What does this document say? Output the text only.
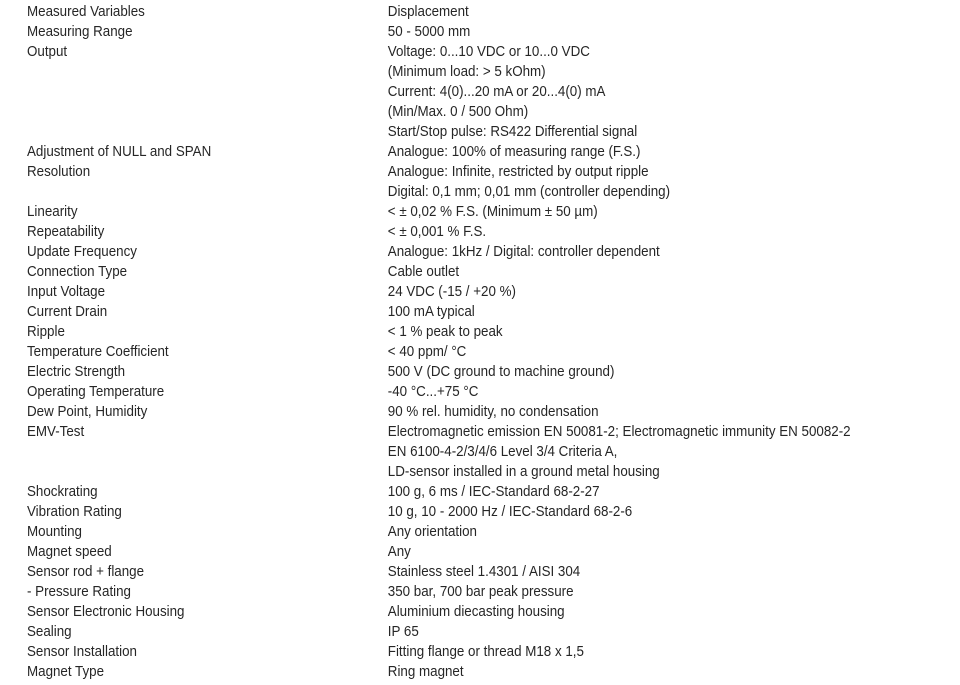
Measured Variables	Displacement
Measuring Range	50 - 5000 mm
Output	Voltage: 0...10 VDC or 10...0 VDC
(Minimum load: > 5 kOhm)
Current: 4(0)...20 mA or 20...4(0) mA
(Min/Max. 0 / 500 Ohm)
Start/Stop pulse: RS422 Differential signal
Adjustment of NULL and SPAN	Analogue: 100% of measuring range (F.S.)
Resolution	Analogue: Infinite, restricted by output ripple
Digital: 0,1 mm; 0,01 mm (controller depending)
Linearity	< ± 0,02 % F.S. (Minimum ± 50 µm)
Repeatability	< ± 0,001 % F.S.
Update Frequency	Analogue: 1kHz / Digital: controller dependent
Connection Type	Cable outlet
Input Voltage	24 VDC (-15 / +20 %)
Current Drain	100 mA typical
Ripple	< 1 % peak to peak
Temperature Coefficient	< 40 ppm/ °C
Electric Strength	500 V (DC ground to machine ground)
Operating Temperature	-40 °C...+75 °C
Dew Point, Humidity	90 % rel. humidity, no condensation
EMV-Test	Electromagnetic emission EN 50081-2; Electromagnetic immunity EN 50082-2
EN 6100-4-2/3/4/6 Level 3/4 Criteria A,
LD-sensor installed in a ground metal housing
Shockrating	100 g, 6 ms / IEC-Standard 68-2-27
Vibration Rating	10 g, 10 - 2000 Hz / IEC-Standard 68-2-6
Mounting	Any orientation
Magnet speed	Any
Sensor rod + flange	Stainless steel 1.4301 / AISI 304
- Pressure Rating	350 bar, 700 bar peak pressure
Sensor Electronic Housing	Aluminium diecasting housing
Sealing	IP 65
Sensor Installation	Fitting flange or thread M18 x 1,5
Magnet Type	Ring magnet
